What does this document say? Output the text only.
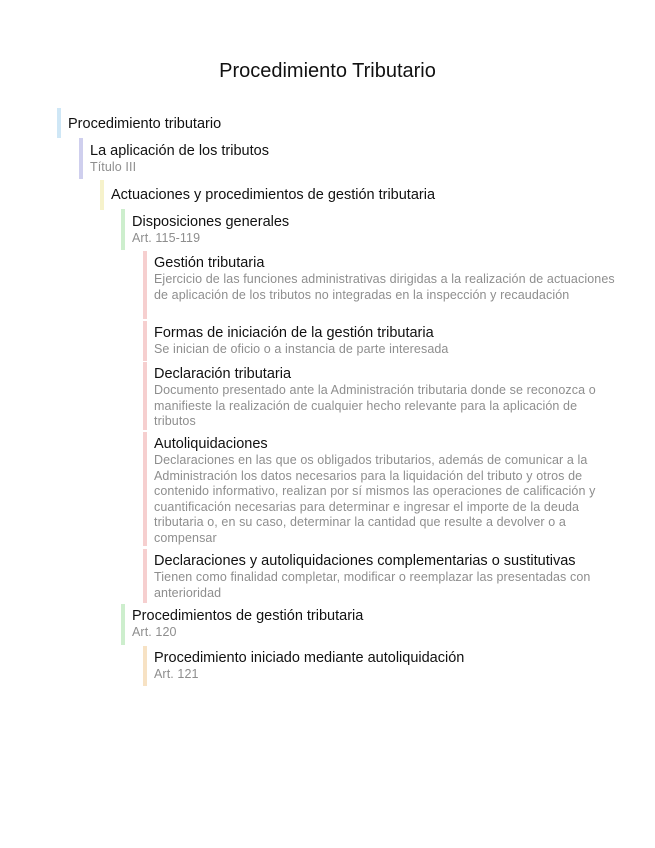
Procedimiento Tributario
Procedimiento tributario
La aplicación de los tributos
Título III
Actuaciones y procedimientos de gestión tributaria
Disposiciones generales
Art. 115-119
Gestión tributaria
Ejercicio de las funciones administrativas dirigidas a la realización de actuaciones de aplicación de los tributos no integradas en la inspección y recaudación
Formas de iniciación de la gestión tributaria
Se inician de oficio o a instancia de parte interesada
Declaración tributaria
Documento presentado ante la Administración tributaria donde se reconozca o manifieste la realización de cualquier hecho relevante para la aplicación de tributos
Autoliquidaciones
Declaraciones en las que os obligados tributarios, además de comunicar a la Administración los datos necesarios para la liquidación del tributo y otros de contenido informativo, realizan por sí mismos las operaciones de calificación y cuantificación necesarias para determinar e ingresar el importe de la deuda tributaria o, en su caso, determinar la cantidad que resulte a devolver o a compensar
Declaraciones y autoliquidaciones complementarias o sustitutivas
Tienen como finalidad completar, modificar o reemplazar las presentadas con anterioridad
Procedimientos de gestión tributaria
Art. 120
Procedimiento iniciado mediante autoliquidación
Art. 121
